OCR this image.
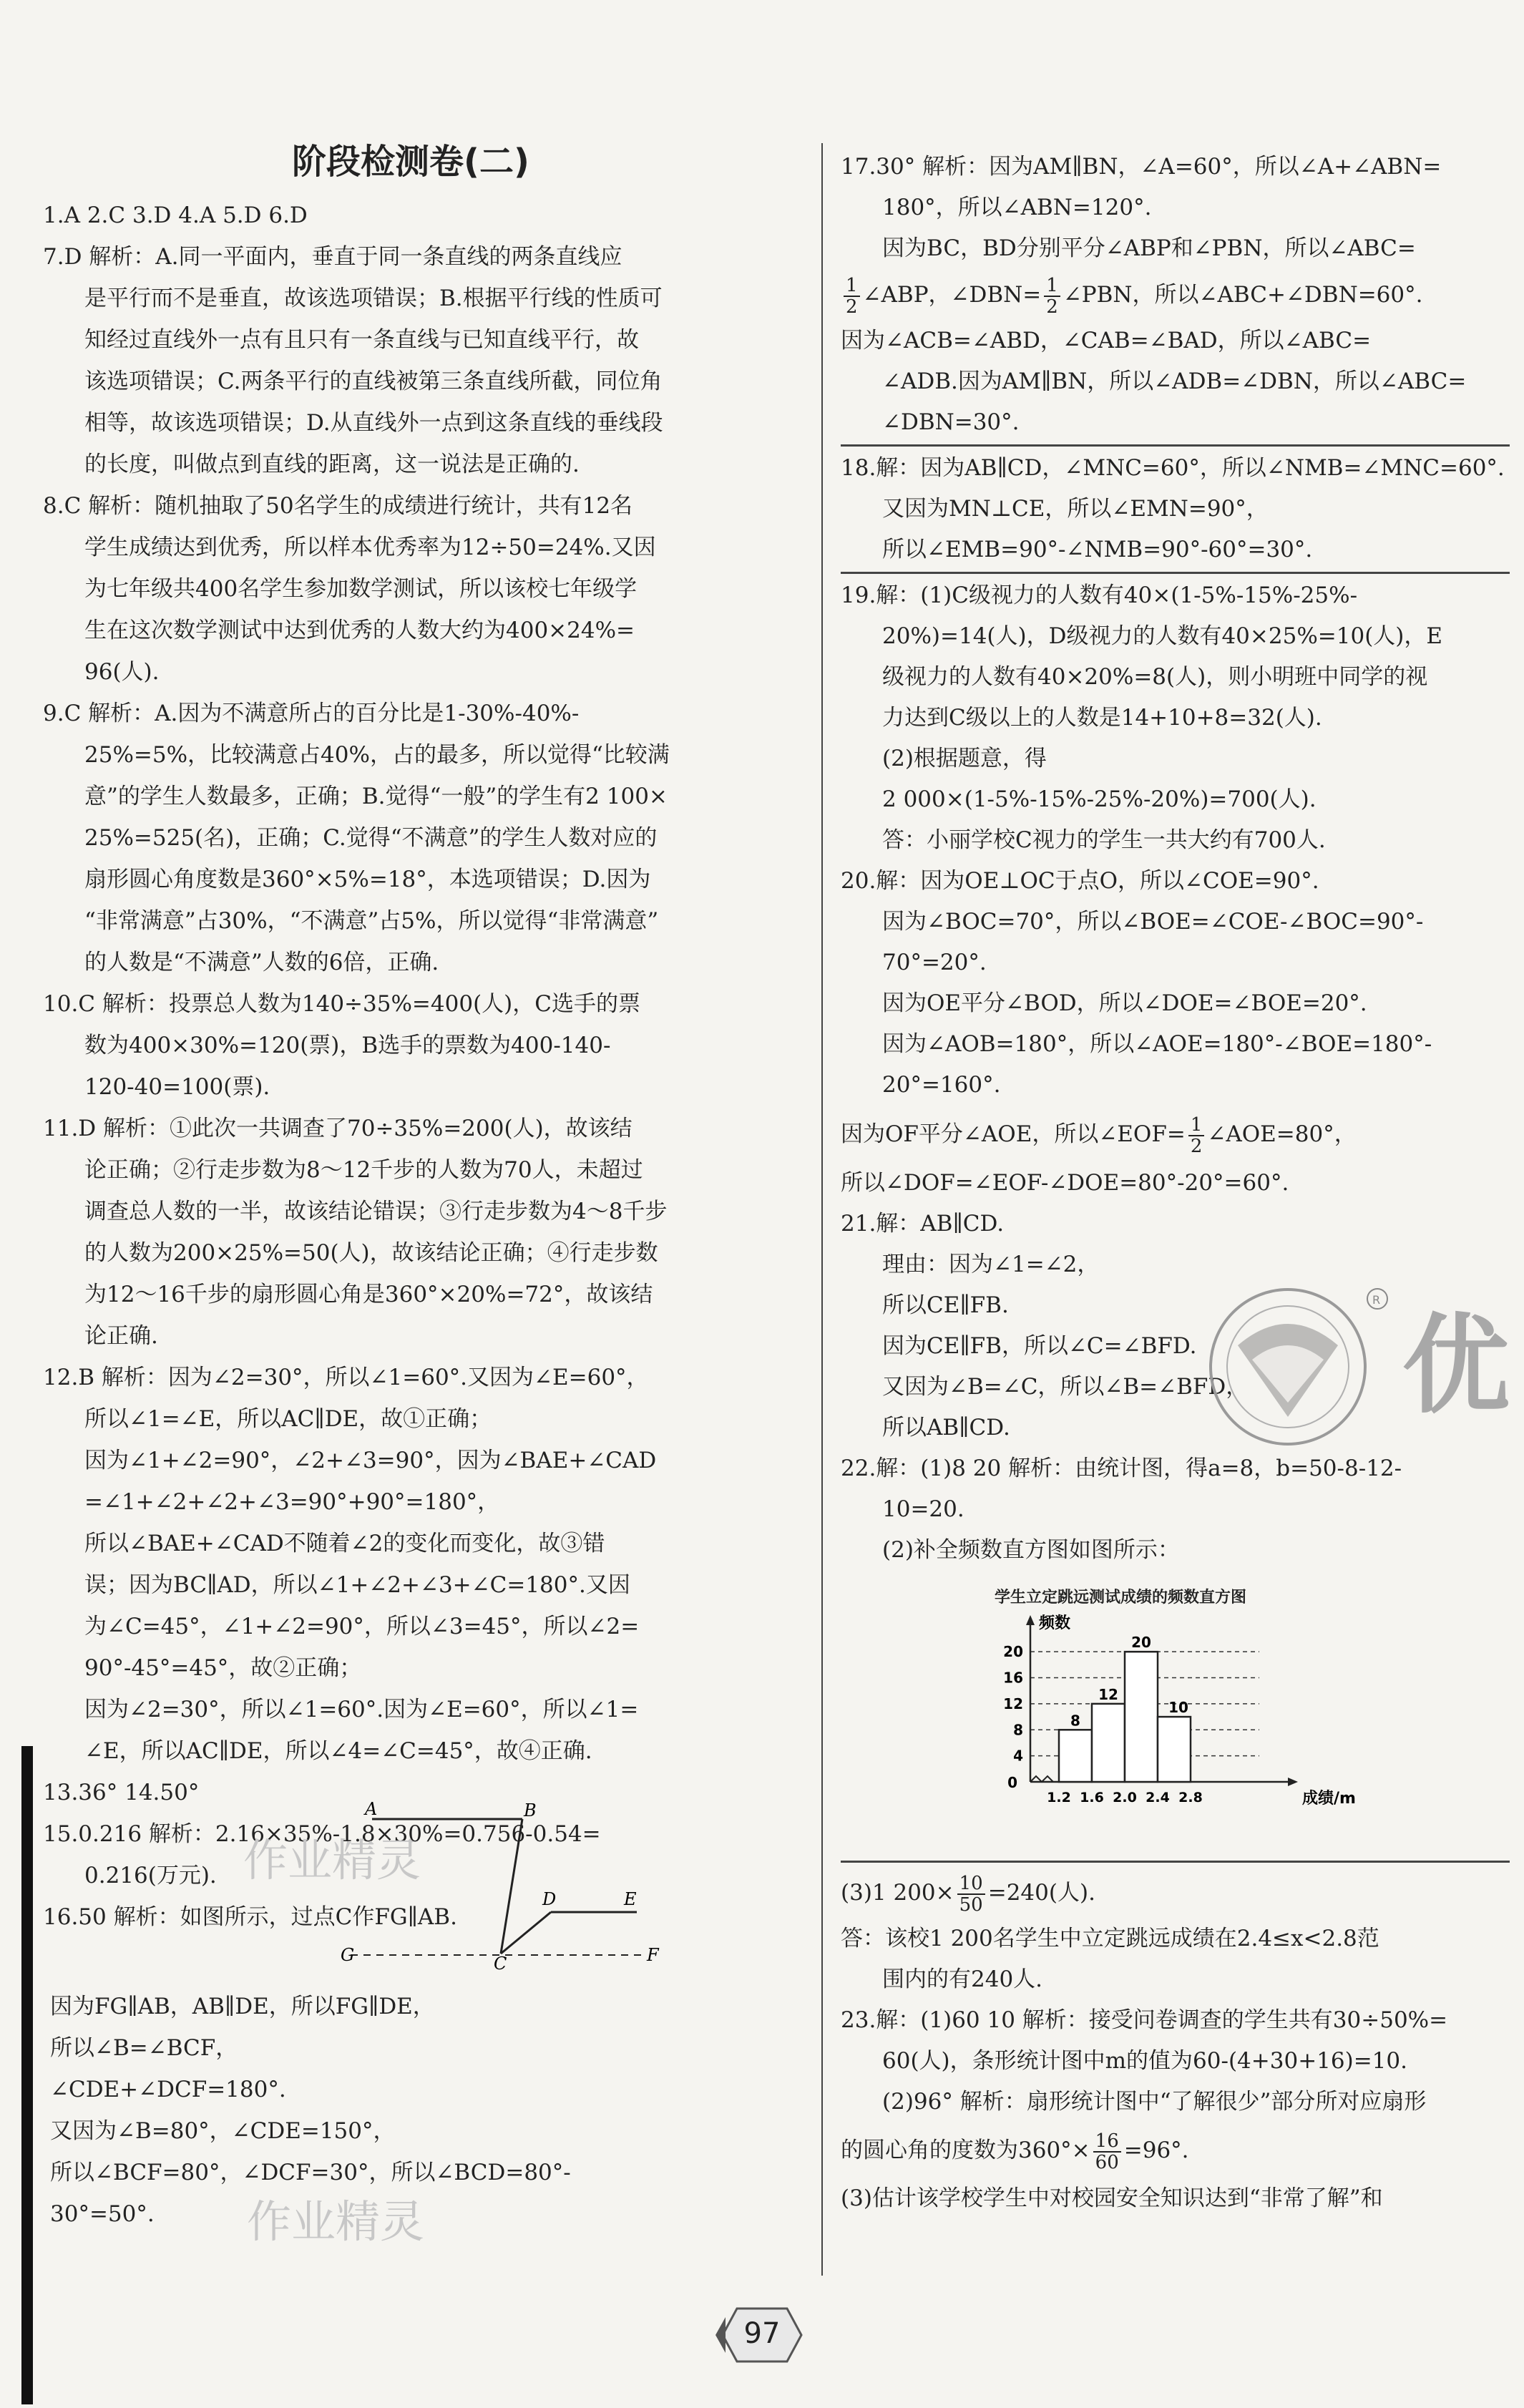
阶段检测卷(二)

1.A 2.C 3.D 4.A 5.D 6.D

7.D 解析：A.同一平面内，垂直于同一条直线的两条直线应

是平行而不是垂直，故该选项错误；B.根据平行线的性质可

知经过直线外一点有且只有一条直线与已知直线平行，故

该选项错误；C.两条平行的直线被第三条直线所截，同位角

相等，故该选项错误；D.从直线外一点到这条直线的垂线段

的长度，叫做点到直线的距离，这一说法是正确的.

8.C 解析：随机抽取了50名学生的成绩进行统计，共有12名

学生成绩达到优秀，所以样本优秀率为12÷50=24%.又因

为七年级共400名学生参加数学测试，所以该校七年级学

生在这次数学测试中达到优秀的人数大约为400×24%=

96(人).

9.C 解析：A.因为不满意所占的百分比是1-30%-40%-

25%=5%，比较满意占40%，占的最多，所以觉得“比较满

意”的学生人数最多，正确；B.觉得“一般”的学生有2 100×

25%=525(名)，正确；C.觉得“不满意”的学生人数对应的

扇形圆心角度数是360°×5%=18°，本选项错误；D.因为

“非常满意”占30%，“不满意”占5%，所以觉得“非常满意”

的人数是“不满意”人数的6倍，正确.

10.C 解析：投票总人数为140÷35%=400(人)，C选手的票

数为400×30%=120(票)，B选手的票数为400-140-

120-40=100(票).

11.D 解析：①此次一共调查了70÷35%=200(人)，故该结

论正确；②行走步数为8～12千步的人数为70人，未超过

调查总人数的一半，故该结论错误；③行走步数为4～8千步

的人数为200×25%=50(人)，故该结论正确；④行走步数

为12～16千步的扇形圆心角是360°×20%=72°，故该结

论正确.

12.B 解析：因为∠2=30°，所以∠1=60°.又因为∠E=60°，

所以∠1=∠E，所以AC∥DE，故①正确；

因为∠1+∠2=90°，∠2+∠3=90°，因为∠BAE+∠CAD

=∠1+∠2+∠2+∠3=90°+90°=180°，

所以∠BAE+∠CAD不随着∠2的变化而变化，故③错

误；因为BC∥AD，所以∠1+∠2+∠3+∠C=180°.又因

为∠C=45°，∠1+∠2=90°，所以∠3=45°，所以∠2=

90°-45°=45°，故②正确；

因为∠2=30°，所以∠1=60°.因为∠E=60°，所以∠1=

∠E，所以AC∥DE，所以∠4=∠C=45°，故④正确.

13.36° 14.50°

15.0.216 解析：2.16×35%-1.8×30%=0.756-0.54=

0.216(万元).

16.50 解析：如图所示，过点C作FG∥AB.

A	B
D	E
G	C	F

因为FG∥AB，AB∥DE，所以FG∥DE，

所以∠B=∠BCF，

∠CDE+∠DCF=180°.

又因为∠B=80°，∠CDE=150°，

所以∠BCF=80°，∠DCF=30°，所以∠BCD=80°-

30°=50°.

17.30° 解析：因为AM∥BN，∠A=60°，所以∠A+∠ABN=

180°，所以∠ABN=120°.

因为BC，BD分别平分∠ABP和∠PBN，所以∠ABC=

$\frac{1}{2}$ ∠ABP，∠DBN= $\frac{1}{2}$ ∠PBN，所以∠ABC+∠DBN=60°.

因为∠ACB=∠ABD，∠CAB=∠BAD，所以∠ABC=

∠ADB.因为AM∥BN，所以∠ADB=∠DBN，所以∠ABC=

∠DBN=30°.

18.解：因为AB∥CD，∠MNC=60°，所以∠NMB=∠MNC=60°.

又因为MN⊥CE，所以∠EMN=90°，

所以∠EMB=90°-∠NMB=90°-60°=30°.

19.解：(1)C级视力的人数有40×(1-5%-15%-25%-

20%)=14(人)，D级视力的人数有40×25%=10(人)，E

级视力的人数有40×20%=8(人)，则小明班中同学的视

力达到C级以上的人数是14+10+8=32(人).

(2)根据题意，得

2 000×(1-5%-15%-25%-20%)=700(人).

答：小丽学校C视力的学生一共大约有700人.

20.解：因为OE⊥OC于点O，所以∠COE=90°.

因为∠BOC=70°，所以∠BOE=∠COE-∠BOC=90°-

70°=20°.

因为OE平分∠BOD，所以∠DOE=∠BOE=20°.

因为∠AOB=180°，所以∠AOE=180°-∠BOE=180°-

20°=160°.

因为OF平分∠AOE，所以∠EOF= $\frac{1}{2}$ ∠AOE=80°，

所以∠DOF=∠EOF-∠DOE=80°-20°=60°.

21.解：AB∥CD.

理由：因为∠1=∠2，

所以CE∥FB.

因为CE∥FB，所以∠C=∠BFD.

又因为∠B=∠C，所以∠B=∠BFD，

所以AB∥CD.

22.解：(1)8 20 解析：由统计图，得a=8，b=50-8-12-

10=20.

(2)补全频数直方图如图所示：

R
优
学生立定跳远测试成绩的频数直方图
4
8
12
16
20
0
频数
成绩/m
8
12
20
10
1.2 1.6 2.0 2.4 2.8

(3)1 $200\times \frac{10}{50} =240$(人).

答：该校1 200名学生中立定跳远成绩在2.4≤x<2.8范

围内的有240人.

23.解：(1)60 10 解析：接受问卷调查的学生共有30÷50%=

60(人)，条形统计图中m的值为60-(4+30+16)=10.

(2)96° 解析：扇形统计图中“了解很少”部分所对应扇形

的圆心角的度数为$360^\circ\times \frac{16}{60} =96^\circ$.

(3)估计该学校学生中对校园安全知识达到“非常了解”和

作业精灵
作业精灵
97
